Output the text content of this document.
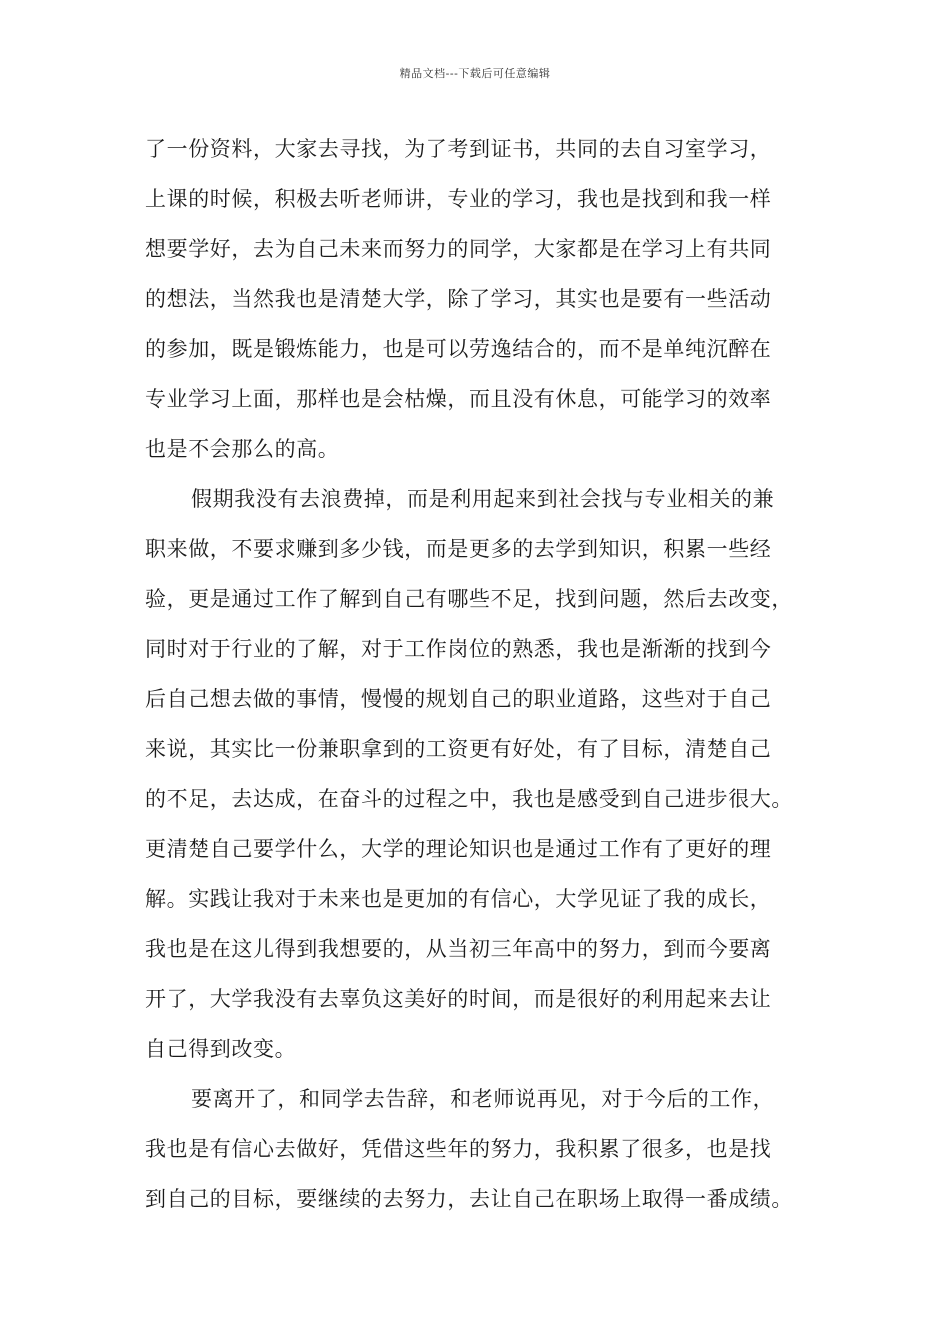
精品文档---下载后可任意编辑
了一份资料，大家去寻找，为了考到证书，共同的去自习室学习，
上课的时候，积极去听老师讲，专业的学习，我也是找到和我一样
想要学好，去为自己未来而努力的同学，大家都是在学习上有共同
的想法，当然我也是清楚大学，除了学习，其实也是要有一些活动
的参加，既是锻炼能力，也是可以劳逸结合的，而不是单纯沉醉在
专业学习上面，那样也是会枯燥，而且没有休息，可能学习的效率
也是不会那么的高。
假期我没有去浪费掉，而是利用起来到社会找与专业相关的兼
职来做，不要求赚到多少钱，而是更多的去学到知识，积累一些经
验，更是通过工作了解到自己有哪些不足，找到问题，然后去改变，
同时对于行业的了解，对于工作岗位的熟悉，我也是渐渐的找到今
后自己想去做的事情，慢慢的规划自己的职业道路，这些对于自己
来说，其实比一份兼职拿到的工资更有好处，有了目标，清楚自己
的不足，去达成，在奋斗的过程之中，我也是感受到自己进步很大。
更清楚自己要学什么，大学的理论知识也是通过工作有了更好的理
解。实践让我对于未来也是更加的有信心，大学见证了我的成长，
我也是在这儿得到我想要的，从当初三年高中的努力，到而今要离
开了，大学我没有去辜负这美好的时间，而是很好的利用起来去让
自己得到改变。
要离开了，和同学去告辞，和老师说再见，对于今后的工作，
我也是有信心去做好，凭借这些年的努力，我积累了很多，也是找
到自己的目标，要继续的去努力，去让自己在职场上取得一番成绩。
